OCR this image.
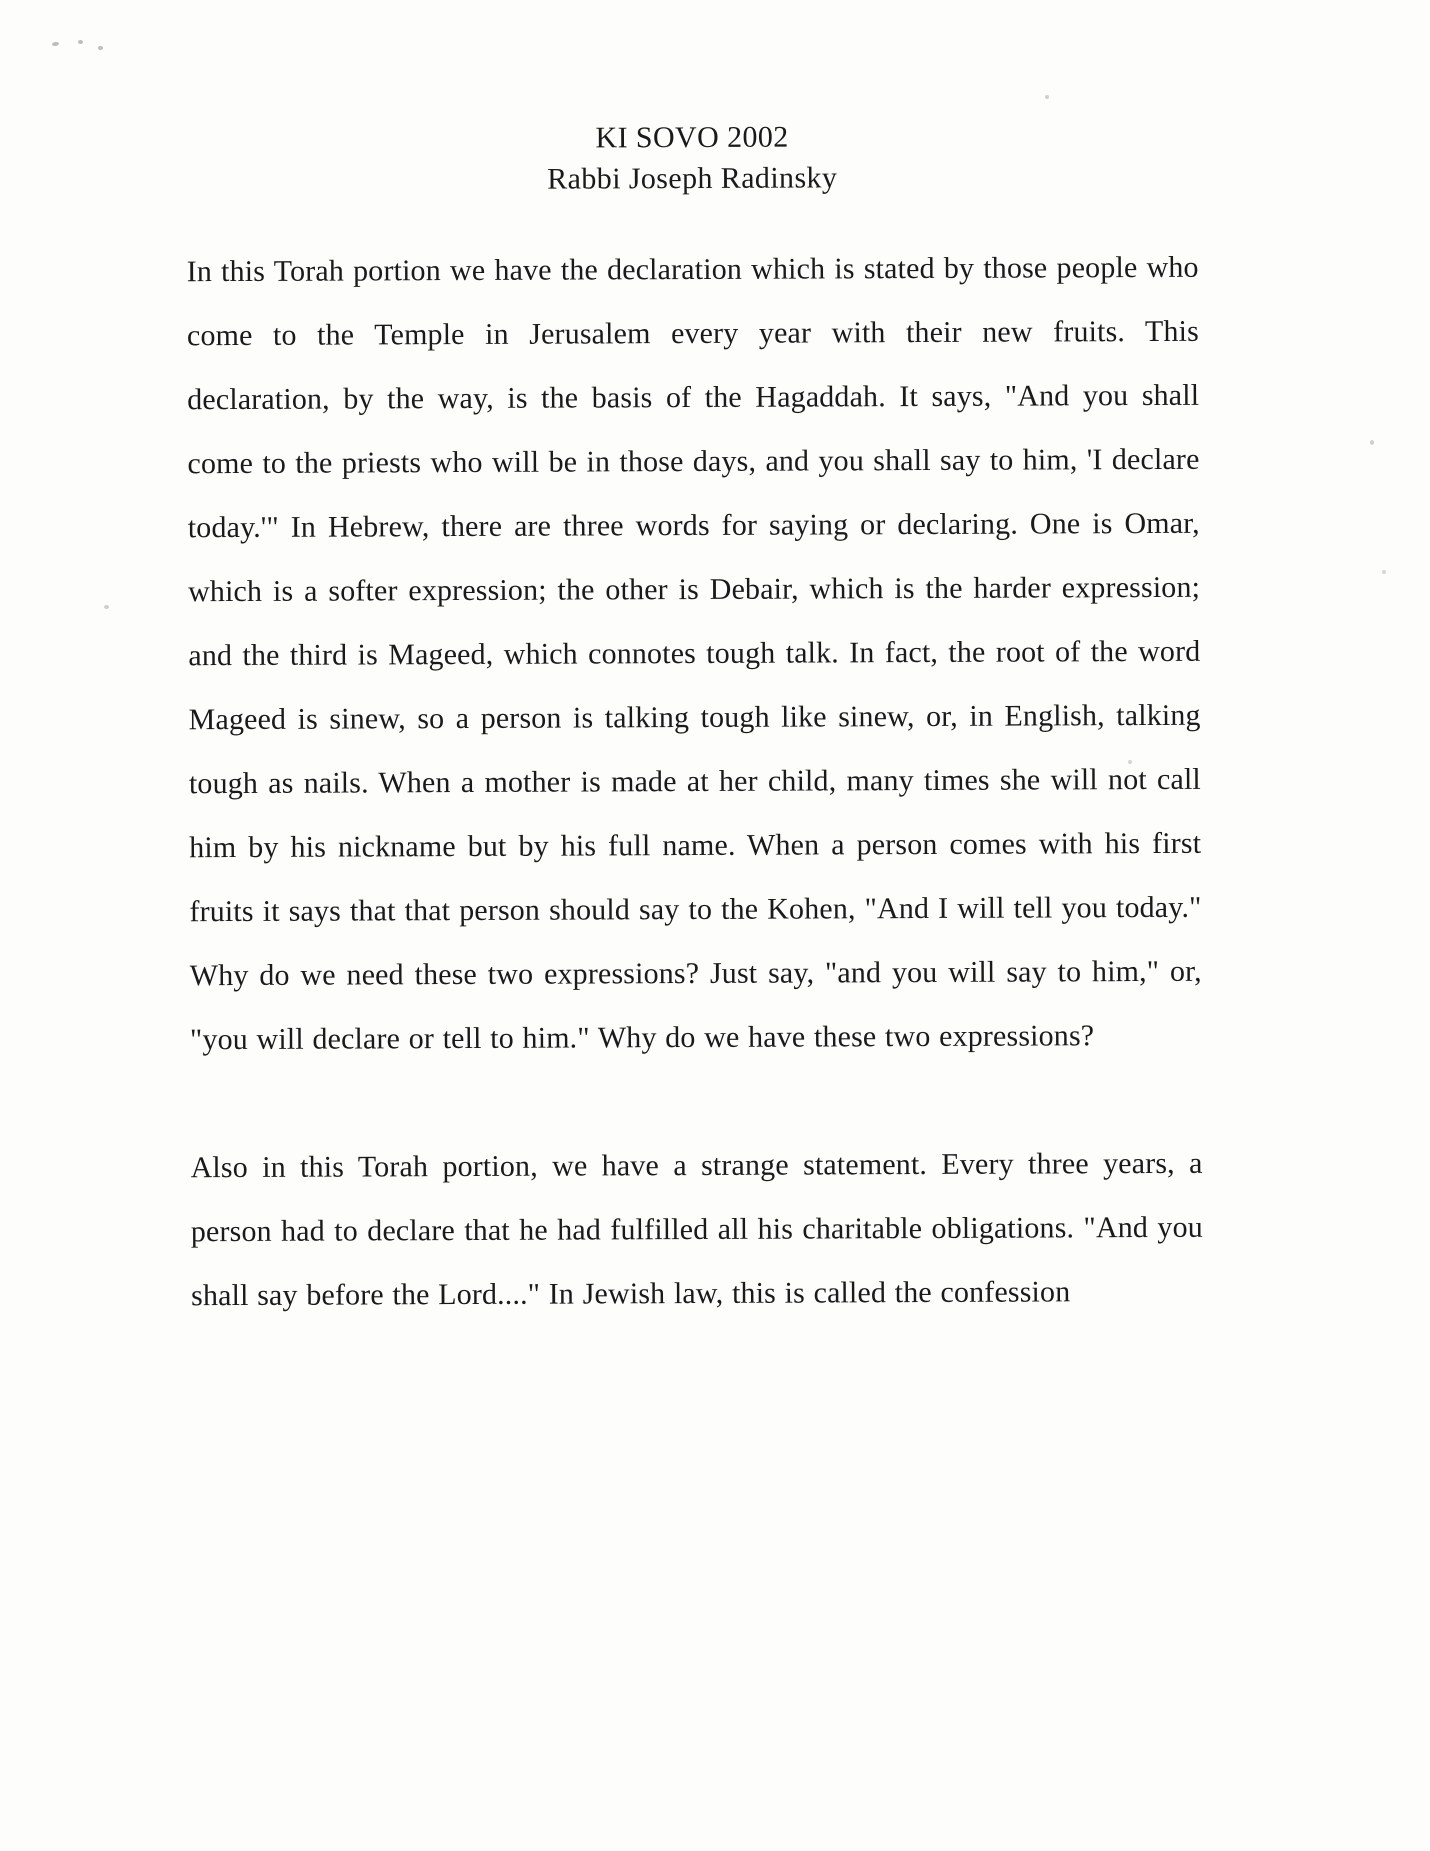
KI SOVO 2002
Rabbi Joseph Radinsky

In this Torah portion we have the declaration which is stated by those people who come to the Temple in Jerusalem every year with their new fruits. This declaration, by the way, is the basis of the Hagaddah. It says, "And you shall come to the priests who will be in those days, and you shall say to him, 'I declare today.'" In Hebrew, there are three words for saying or declaring. One is Omar, which is a softer expression; the other is Debair, which is the harder expression; and the third is Mageed, which connotes tough talk. In fact, the root of the word Mageed is sinew, so a person is talking tough like sinew, or, in English, talking tough as nails. When a mother is made at her child, many times she will not call him by his nickname but by his full name. When a person comes with his first fruits it says that that person should say to the Kohen, "And I will tell you today." Why do we need these two expressions? Just say, "and you will say to him," or, "you will declare or tell to him." Why do we have these two expressions?

Also in this Torah portion, we have a strange statement. Every three years, a person had to declare that he had fulfilled all his charitable obligations. "And you shall say before the Lord...." In Jewish law, this is called the confession
